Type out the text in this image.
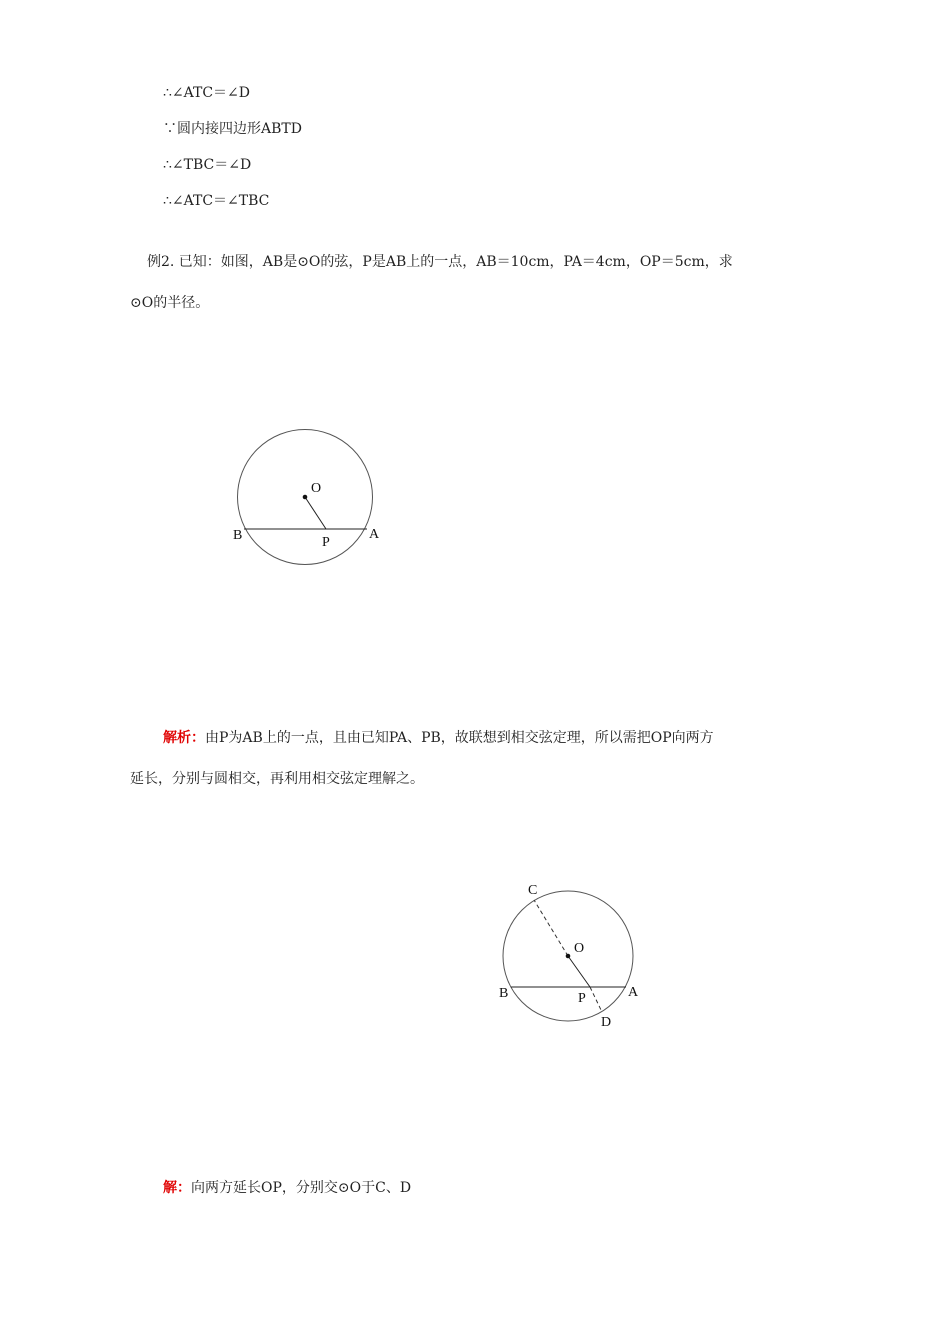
∴∠ATC＝∠D
∵圆内接四边形ABTD
∴∠TBC＝∠D
∴∠ATC＝∠TBC
例2. 已知：如图，AB是⊙O的弦，P是AB上的一点，AB＝10cm，PA＝4cm，OP＝5cm，求
⊙O的半径。
O
B	P
A
解析：由P为AB上的一点，且由已知PA、PB，故联想到相交弦定理，所以需把OP向两方
延长，分别与圆相交，再利用相交弦定理解之。
C
O
B	P	A
D
解：向两方延长OP，分别交⊙O于C、D
